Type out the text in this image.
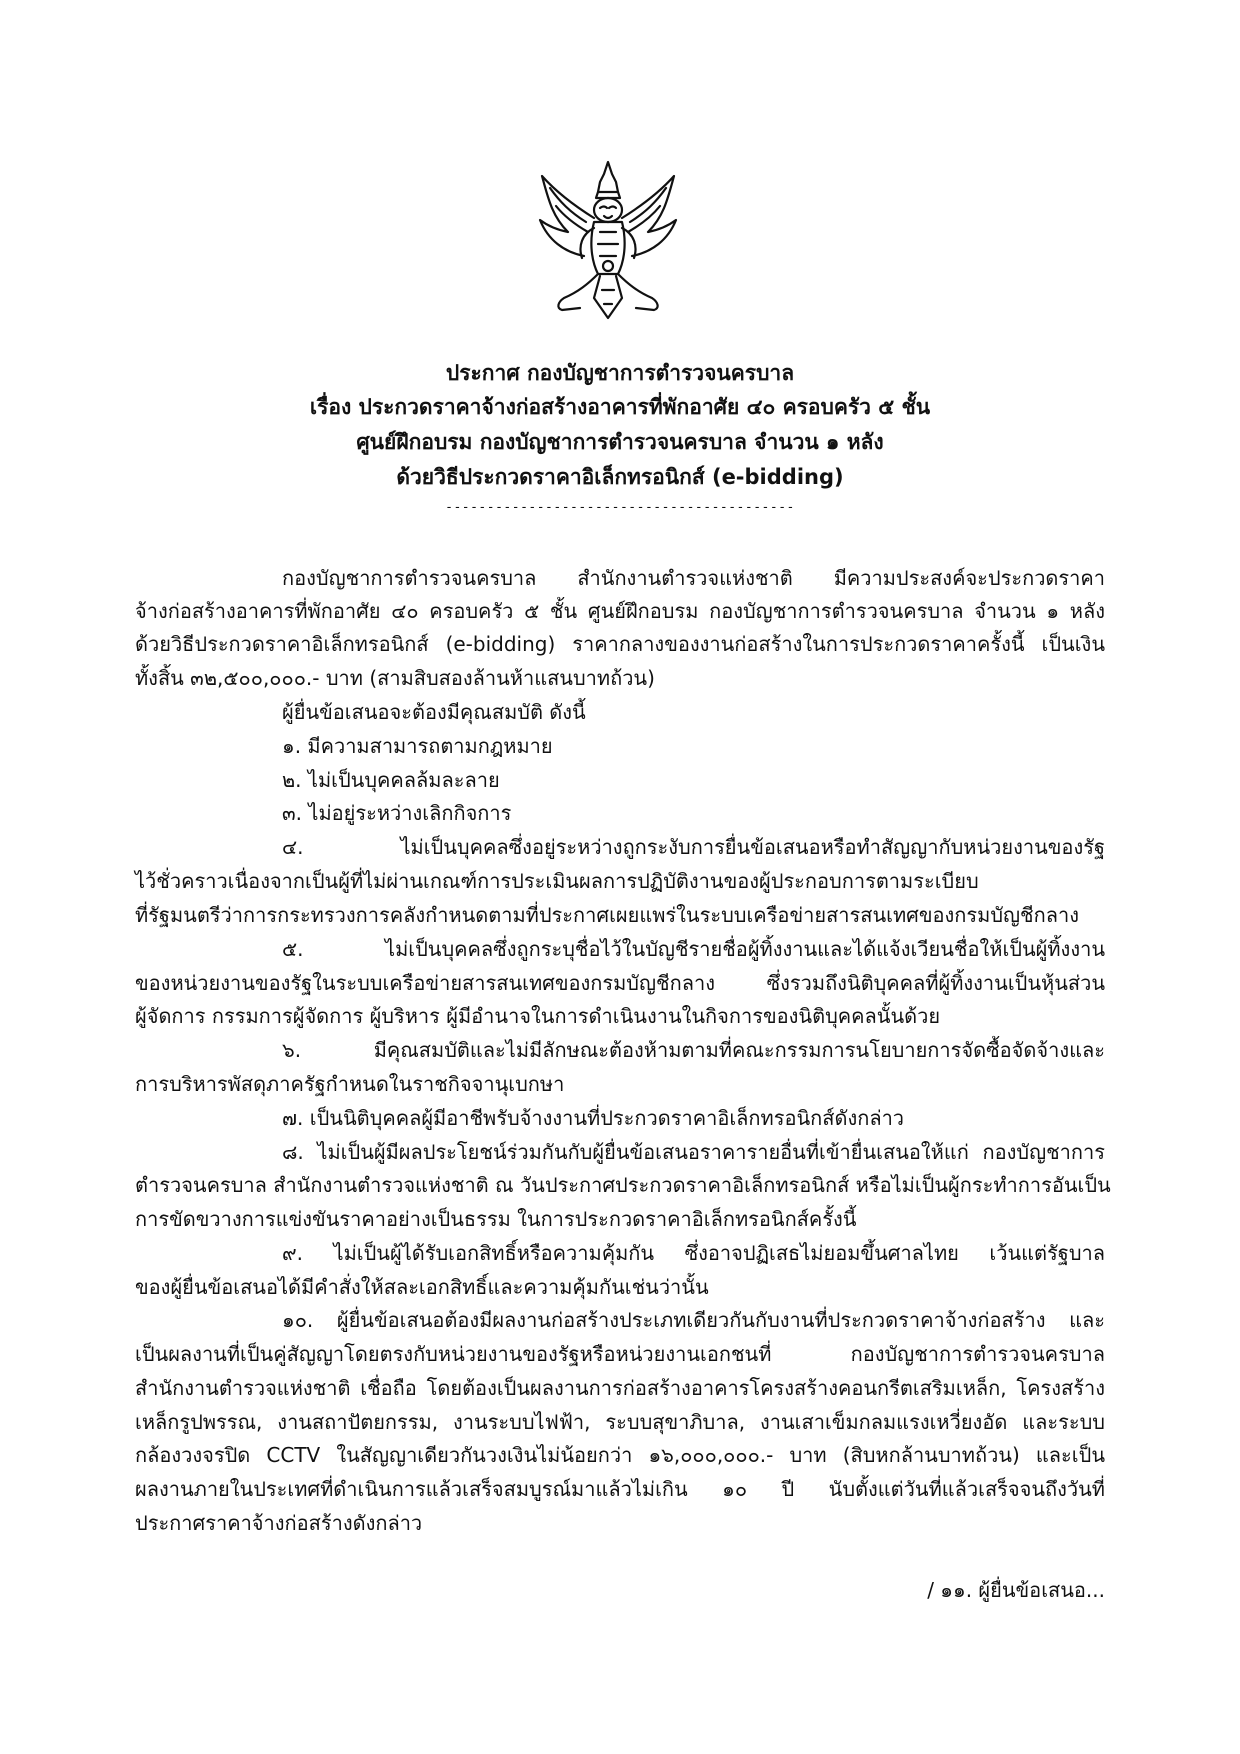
ประกาศ กองบัญชาการตำรวจนครบาล
เรื่อง ประกวดราคาจ้างก่อสร้างอาคารที่พักอาศัย ๔๐ ครอบครัว ๕ ชั้น
ศูนย์ฝึกอบรม กองบัญชาการตำรวจนครบาล จำนวน ๑ หลัง
ด้วยวิธีประกวดราคาอิเล็กทรอนิกส์ (e-bidding)
------------------------------------------
กองบัญชาการตำรวจนครบาล สำนักงานตำรวจแห่งชาติ มีความประสงค์จะประกวดราคา
จ้างก่อสร้างอาคารที่พักอาศัย ๔๐ ครอบครัว ๕ ชั้น ศูนย์ฝึกอบรม กองบัญชาการตำรวจนครบาล จำนวน ๑ หลัง
ด้วยวิธีประกวดราคาอิเล็กทรอนิกส์ (e-bidding) ราคากลางของงานก่อสร้างในการประกวดราคาครั้งนี้ เป็นเงิน
ทั้งสิ้น ๓๒,๕๐๐,๐๐๐.- บาท (สามสิบสองล้านห้าแสนบาทถ้วน)
ผู้ยื่นข้อเสนอจะต้องมีคุณสมบัติ ดังนี้
๑. มีความสามารถตามกฎหมาย
๒. ไม่เป็นบุคคลล้มละลาย
๓. ไม่อยู่ระหว่างเลิกกิจการ
๔. ไม่เป็นบุคคลซึ่งอยู่ระหว่างถูกระงับการยื่นข้อเสนอหรือทำสัญญากับหน่วยงานของรัฐ
ไว้ชั่วคราวเนื่องจากเป็นผู้ที่ไม่ผ่านเกณฑ์การประเมินผลการปฏิบัติงานของผู้ประกอบการตามระเบียบ
ที่รัฐมนตรีว่าการกระทรวงการคลังกำหนดตามที่ประกาศเผยแพร่ในระบบเครือข่ายสารสนเทศของกรมบัญชีกลาง
๕. ไม่เป็นบุคคลซึ่งถูกระบุชื่อไว้ในบัญชีรายชื่อผู้ทิ้งงานและได้แจ้งเวียนชื่อให้เป็นผู้ทิ้งงาน
ของหน่วยงานของรัฐในระบบเครือข่ายสารสนเทศของกรมบัญชีกลาง ซึ่งรวมถึงนิติบุคคลที่ผู้ทิ้งงานเป็นหุ้นส่วน
ผู้จัดการ กรรมการผู้จัดการ ผู้บริหาร ผู้มีอำนาจในการดำเนินงานในกิจการของนิติบุคคลนั้นด้วย
๖. มีคุณสมบัติและไม่มีลักษณะต้องห้ามตามที่คณะกรรมการนโยบายการจัดซื้อจัดจ้างและ
การบริหารพัสดุภาครัฐกำหนดในราชกิจจานุเบกษา
๗. เป็นนิติบุคคลผู้มีอาชีพรับจ้างงานที่ประกวดราคาอิเล็กทรอนิกส์ดังกล่าว
๘. ไม่เป็นผู้มีผลประโยชน์ร่วมกันกับผู้ยื่นข้อเสนอราคารายอื่นที่เข้ายื่นเสนอให้แก่ กองบัญชาการ
ตำรวจนครบาล สำนักงานตำรวจแห่งชาติ ณ วันประกาศประกวดราคาอิเล็กทรอนิกส์ หรือไม่เป็นผู้กระทำการอันเป็น
การขัดขวางการแข่งขันราคาอย่างเป็นธรรม ในการประกวดราคาอิเล็กทรอนิกส์ครั้งนี้
๙. ไม่เป็นผู้ได้รับเอกสิทธิ์หรือความคุ้มกัน ซึ่งอาจปฏิเสธไม่ยอมขึ้นศาลไทย เว้นแต่รัฐบาล
ของผู้ยื่นข้อเสนอได้มีคำสั่งให้สละเอกสิทธิ์และความคุ้มกันเช่นว่านั้น
๑๐. ผู้ยื่นข้อเสนอต้องมีผลงานก่อสร้างประเภทเดียวกันกับงานที่ประกวดราคาจ้างก่อสร้าง และ
เป็นผลงานที่เป็นคู่สัญญาโดยตรงกับหน่วยงานของรัฐหรือหน่วยงานเอกชนที่ กองบัญชาการตำรวจนครบาล
สำนักงานตำรวจแห่งชาติ เชื่อถือ โดยต้องเป็นผลงานการก่อสร้างอาคารโครงสร้างคอนกรีตเสริมเหล็ก, โครงสร้าง
เหล็กรูปพรรณ, งานสถาปัตยกรรม, งานระบบไฟฟ้า, ระบบสุขาภิบาล, งานเสาเข็มกลมแรงเหวี่ยงอัด และระบบ
กล้องวงจรปิด CCTV ในสัญญาเดียวกันวงเงินไม่น้อยกว่า ๑๖,๐๐๐,๐๐๐.- บาท (สิบหกล้านบาทถ้วน) และเป็น
ผลงานภายในประเทศที่ดำเนินการแล้วเสร็จสมบูรณ์มาแล้วไม่เกิน ๑๐ ปี นับตั้งแต่วันที่แล้วเสร็จจนถึงวันที่
ประกาศราคาจ้างก่อสร้างดังกล่าว
/ ๑๑. ผู้ยื่นข้อเสนอ...
